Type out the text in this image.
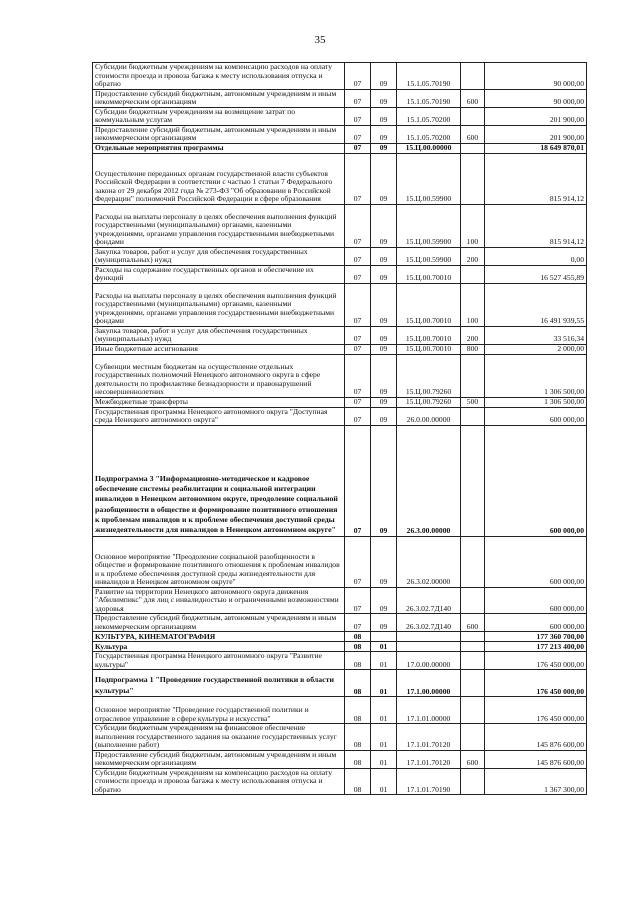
35
Субсидии бюджетным учреждениям на компенсацию расходов на оплату стоимости проезда и провоза багажа к месту использования отпуска и обратно	07	09	15.1.05.70190		90 000,00
Предоставление субсидий бюджетным, автономным учреждениям и иным некоммерческим организациям	07	09	15.1.05.70190	600	90 000,00
Субсидии бюджетным учреждениям на возмещение затрат по коммунальным услугам	07	09	15.1.05.70200		201 900,00
Предоставление субсидий бюджетным, автономным учреждениям и иным некоммерческим организациям	07	09	15.1.05.70200	600	201 900,00
Отдельные мероприятия программы	07	09	15.Ц.00.00000		18 649 870,01
Осуществление переданных органам государственной власти субъектов Российской Федерации в соответствии с частью 1 статьи 7 Федерального закона от 29 декабря 2012 года № 273-ФЗ "Об образовании в Российской Федерации" полномочий Российской Федерации в сфере образования	07	09	15.Ц.00.59900		815 914,12
Расходы на выплаты персоналу в целях обеспечения выполнения функций государственными (муниципальными) органами, казенными учреждениями, органами управления государственными внебюджетными фондами	07	09	15.Ц.00.59900	100	815 914,12
Закупка товаров, работ и услуг для обеспечения государственных (муниципальных) нужд	07	09	15.Ц.00.59900	200	0,00
Расходы на содержание государственных органов и обеспечение их функций	07	09	15.Ц.00.70010		16 527 455,89
Расходы на выплаты персоналу в целях обеспечения выполнения функций государственными (муниципальными) органами, казенными учреждениями, органами управления государственными внебюджетными фондами	07	09	15.Ц.00.70010	100	16 491 939,55
Закупка товаров, работ и услуг для обеспечения государственных (муниципальных) нужд	07	09	15.Ц.00.70010	200	33 516,34
Иные бюджетные ассигнования	07	09	15.Ц.00.70010	800	2 000,00
Субвенции местным бюджетам на осуществление отдельных государственных полномочий Ненецкого автономного округа в сфере деятельности по профилактике безнадзорности и правонарушений несовершеннолетних	07	09	15.Ц.00.79260		1 306 500,00
Межбюджетные трансферты	07	09	15.Ц.00.79260	500	1 306 500,00
Государственная программа Ненецкого автономного округа "Доступная среда Ненецкого автономного округа"	07	09	26.0.00.00000		600 000,00
Подпрограмма 3 "Информационно-методическое и кадровое обеспечение системы реабилитации и социальной интеграции инвалидов в Ненецком автономном округе, преодоление социальной разобщенности в обществе и формирование позитивного отношения к проблемам инвалидов и к проблеме обеспечения доступной среды жизнедеятельности для инвалидов в Ненецком автономном округе"	07	09	26.3.00.00000		600 000,00
Основное мероприятие "Преодоление социальной разобщенности в обществе и формирование позитивного отношения к проблемам инвалидов и к проблеме обеспечения доступной среды жизнедеятельности для инвалидов в Ненецком автономном округе"	07	09	26.3.02.00000		600 000,00
Развитие на территории Ненецкого автономного округа движения "Абилимпикс" для лиц с инвалидностью и ограниченными возможностями здоровья	07	09	26.3.02.7Д140		600 000,00
Предоставление субсидий бюджетным, автономным учреждениям и иным некоммерческим организациям	07	09	26.3.02.7Д140	600	600 000,00
КУЛЬТУРА, КИНЕМАТОГРАФИЯ	08				177 360 700,00
Культура	08	01			177 213 400,00
Государственная программа Ненецкого автономного округа "Развитие культуры"	08	01	17.0.00.00000		176 450 000,00
Подпрограмма 1 "Проведение государственной политики в области культуры"	08	01	17.1.00.00000		176 450 000,00
Основное мероприятие "Проведение государственной политики и отраслевое управление в сфере культуры и искусства"	08	01	17.1.01.00000		176 450 000,00
Субсидии бюджетным учреждениям на финансовое обеспечение выполнения государственного задания на оказание государственных услуг (выполнение работ)	08	01	17.1.01.70120		145 876 600,00
Предоставление субсидий бюджетным, автономным учреждениям и иным некоммерческим организациям	08	01	17.1.01.70120	600	145 876 600,00
Субсидии бюджетным учреждениям на компенсацию расходов на оплату стоимости проезда и провоза багажа к месту использования отпуска и обратно	08	01	17.1.01.70190		1 367 300,00
